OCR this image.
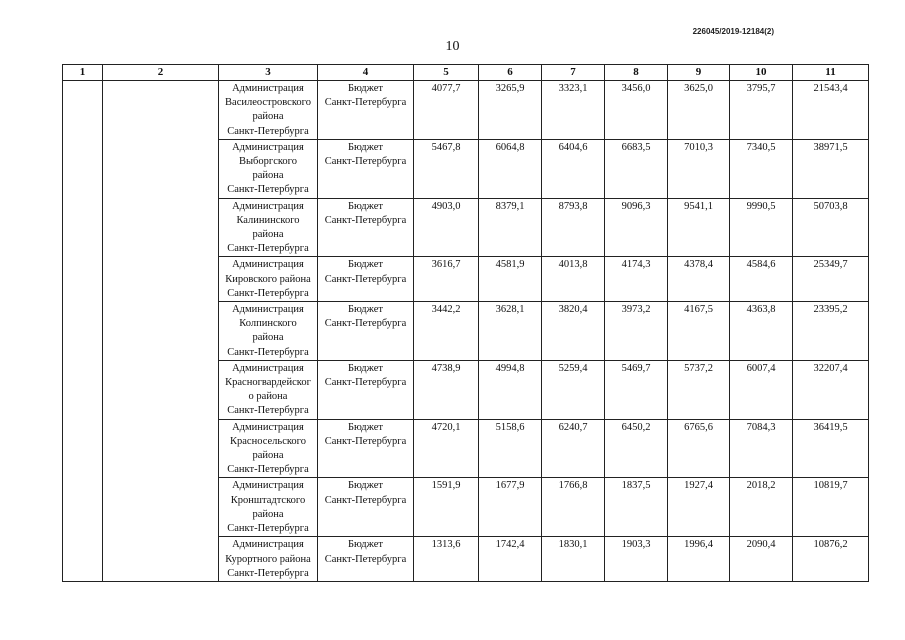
226045/2019-12184(2)
10
1	2	3	4	5	6	7	8	9	10	11

		Администрация
Василеостровского
района
Санкт-Петербурга	Бюджет
Санкт-Петербурга	4077,7	3265,9	3323,1	3456,0	3625,0	3795,7	21543,4

		Администрация
Выборгского
района
Санкт-Петербурга	Бюджет
Санкт-Петербурга	5467,8	6064,8	6404,6	6683,5	7010,3	7340,5	38971,5

		Администрация
Калининского
района
Санкт-Петербурга	Бюджет
Санкт-Петербурга	4903,0	8379,1	8793,8	9096,3	9541,1	9990,5	50703,8

		Администрация
Кировского района
Санкт-Петербурга	Бюджет
Санкт-Петербурга	3616,7	4581,9	4013,8	4174,3	4378,4	4584,6	25349,7

		Администрация
Колпинского
района
Санкт-Петербурга	Бюджет
Санкт-Петербурга	3442,2	3628,1	3820,4	3973,2	4167,5	4363,8	23395,2

		Администрация
Красногвардейског
о района
Санкт-Петербурга	Бюджет
Санкт-Петербурга	4738,9	4994,8	5259,4	5469,7	5737,2	6007,4	32207,4

		Администрация
Красносельского
района
Санкт-Петербурга	Бюджет
Санкт-Петербурга	4720,1	5158,6	6240,7	6450,2	6765,6	7084,3	36419,5

		Администрация
Кронштадтского
района
Санкт-Петербурга	Бюджет
Санкт-Петербурга	1591,9	1677,9	1766,8	1837,5	1927,4	2018,2	10819,7

		Администрация
Курортного района
Санкт-Петербурга	Бюджет
Санкт-Петербурга	1313,6	1742,4	1830,1	1903,3	1996,4	2090,4	10876,2
